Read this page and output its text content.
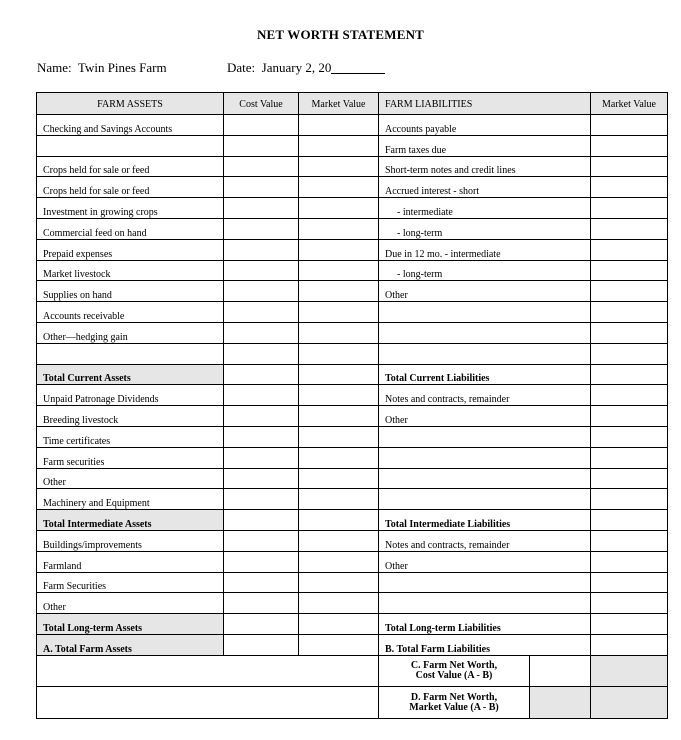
NET WORTH STATEMENT
Name: Twin Pines Farm	Date: January 2, 20
FARM ASSETS	Cost Value	Market Value	FARM LIABILITIES	Market Value
Checking and Savings Accounts			Accounts payable	
			Farm taxes due	
Crops held for sale or feed			Short-term notes and credit lines	
Crops held for sale or feed			Accrued interest - short	
Investment in growing crops			- intermediate	
Commercial feed on hand			- long-term	
Prepaid expenses			Due in 12 mo. - intermediate	
Market livestock			- long-term	
Supplies on hand			Other	
Accounts receivable				
Other—hedging gain				

Total Current Assets			Total Current Liabilities	
Unpaid Patronage Dividends			Notes and contracts, remainder	
Breeding livestock			Other	
Time certificates				
Farm securities				
Other				
Machinery and Equipment				
Total Intermediate Assets			Total Intermediate Liabilities	
Buildings/improvements			Notes and contracts, remainder	
Farmland			Other	
Farm Securities				
Other				
Total Long-term Assets			Total Long-term Liabilities	
A. Total Farm Assets			B. Total Farm Liabilities	

	C. Farm Net Worth,
Cost Value (A - B)		

	D. Farm Net Worth,
Market Value (A - B)		
